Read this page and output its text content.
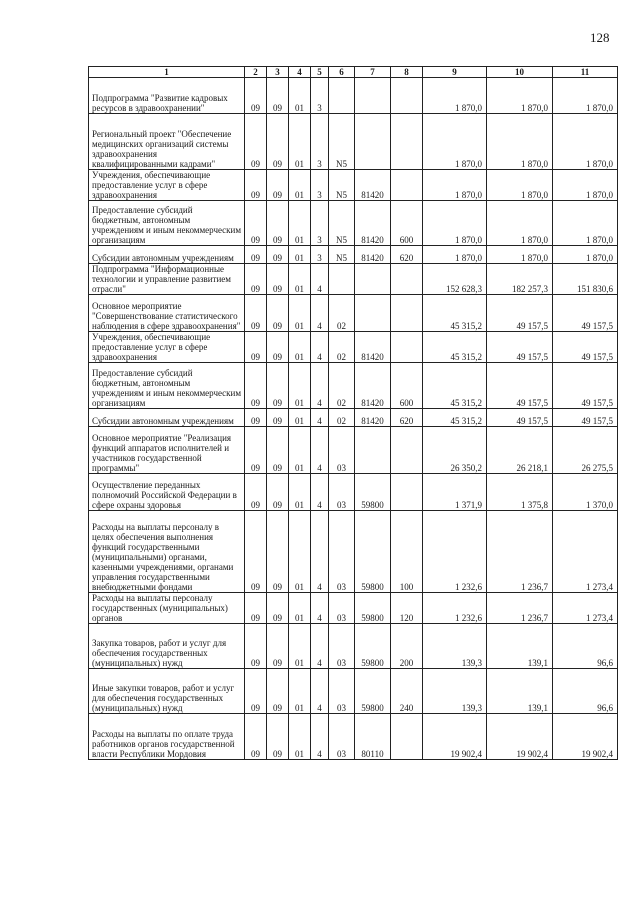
128
1	2	3	4	5	6	7	8	9	10	11
Подпрограмма "Развитие кадровых ресурсов в здравоохранении"	09	09	01	3				1 870,0	1 870,0	1 870,0
Региональный проект "Обеспечение медицинских организаций системы здравоохранения квалифицированными кадрами"	09	09	01	3	N5			1 870,0	1 870,0	1 870,0
Учреждения, обеспечивающие предоставление услуг в сфере здравоохранения	09	09	01	3	N5	81420		1 870,0	1 870,0	1 870,0
Предоставление субсидий бюджетным, автономным учреждениям и иным некоммерческим организациям	09	09	01	3	N5	81420	600	1 870,0	1 870,0	1 870,0
Субсидии автономным учреждениям	09	09	01	3	N5	81420	620	1 870,0	1 870,0	1 870,0
Подпрограмма "Информационные технологии и управление развитием отрасли"	09	09	01	4				152 628,3	182 257,3	151 830,6
Основное мероприятие "Совершенствование статистического наблюдения в сфере здравоохранения"	09	09	01	4	02			45 315,2	49 157,5	49 157,5
Учреждения, обеспечивающие предоставление услуг в сфере здравоохранения	09	09	01	4	02	81420		45 315,2	49 157,5	49 157,5
Предоставление субсидий бюджетным, автономным учреждениям и иным некоммерческим организациям	09	09	01	4	02	81420	600	45 315,2	49 157,5	49 157,5
Субсидии автономным учреждениям	09	09	01	4	02	81420	620	45 315,2	49 157,5	49 157,5
Основное мероприятие "Реализация функций аппаратов исполнителей и участников государственной программы"	09	09	01	4	03			26 350,2	26 218,1	26 275,5
Осуществление переданных полномочий Российской Федерации в сфере охраны здоровья	09	09	01	4	03	59800		1 371,9	1 375,8	1 370,0
Расходы на выплаты персоналу в целях обеспечения выполнения функций государственными (муниципальными) органами, казенными учреждениями, органами управления государственными внебюджетными фондами	09	09	01	4	03	59800	100	1 232,6	1 236,7	1 273,4
Расходы на выплаты персоналу государственных (муниципальных) органов	09	09	01	4	03	59800	120	1 232,6	1 236,7	1 273,4
Закупка товаров, работ и услуг для обеспечения государственных (муниципальных) нужд	09	09	01	4	03	59800	200	139,3	139,1	96,6
Иные закупки товаров, работ и услуг для обеспечения государственных (муниципальных) нужд	09	09	01	4	03	59800	240	139,3	139,1	96,6
Расходы на выплаты по оплате труда работников органов государственной власти Республики Мордовия	09	09	01	4	03	80110		19 902,4	19 902,4	19 902,4
